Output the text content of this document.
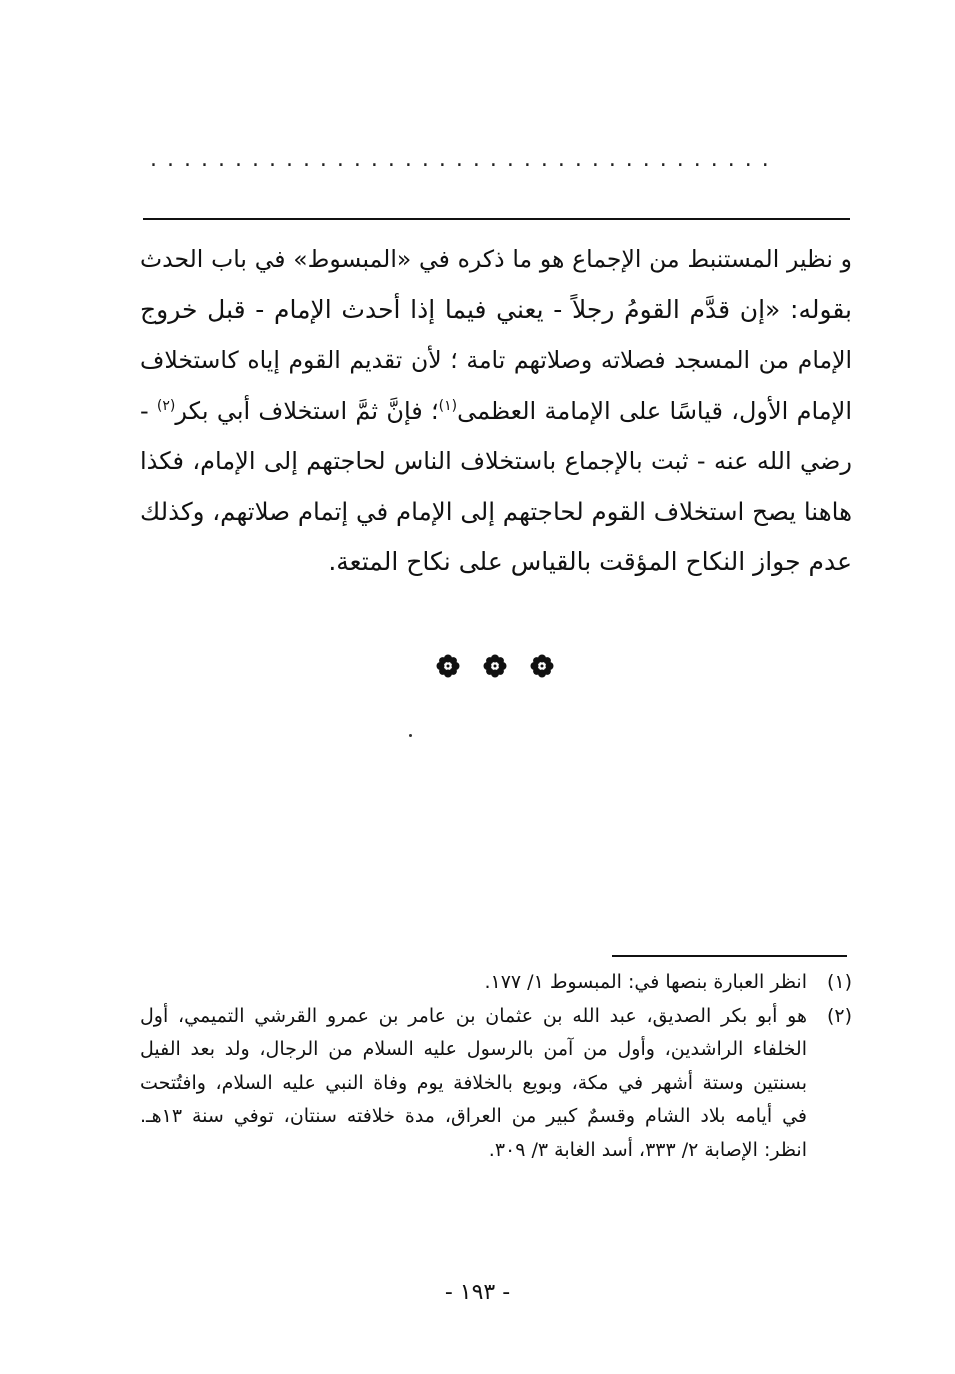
.....................................
و نظير المستنبط من الإجماع هو ما ذكره في «المبسوط» في باب الحدث
بقوله: «إن قدَّم القومُ رجلاً - يعني فيما إذا أحدث الإمام - قبل خروج
الإمام من المسجد فصلاته وصلاتهم تامة ؛ لأن تقديم القوم إياه كاستخلاف
الإمام الأول، قياسًا على الإمامة العظمى$^{(١)}$؛ فإنَّ ثمَّ استخلاف أبي بكر$^{(٢)}$ -
رضي الله عنه - ثبت بالإجماع باستخلاف الناس لحاجتهم إلى الإمام، فكذا
هاهنا يصح استخلاف القوم لحاجتهم إلى الإمام في إتمام صلاتهم، وكذلك
عدم جواز النكاح المؤقت بالقياس على نكاح المتعة.

(١)
انظر العبارة بنصها في: المبسوط ١/ ١٧٧.
(٢)
هو أبو بكر الصديق، عبد الله بن عثمان بن عامر بن عمرو القرشي التميمي، أول
الخلفاء الراشدين، وأول من آمن بالرسول عليه السلام من الرجال، ولد بعد الفيل
بسنتين وستة أشهر في مكة، وبويع بالخلافة يوم وفاة النبي عليه السلام، وافتُتحت
في أيامه بلاد الشام وقسمٌ كبير من العراق، مدة خلافته سنتان، توفي سنة ١٣هـ.
انظر: الإصابة ٢/ ٣٣٣، أسد الغابة ٣/ ٣٠٩.
- ١٩٣ -
